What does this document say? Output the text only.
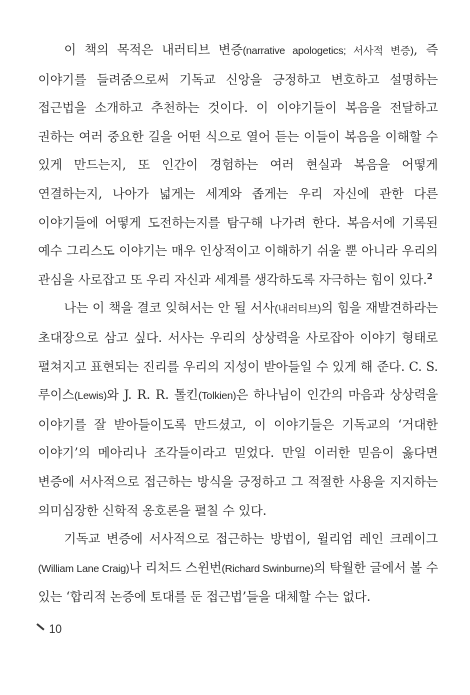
이 책의 목적은 내러티브 변증(narrative apologetics; 서사적 변증), 즉 이야기를 들려줌으로써 기독교 신앙을 긍정하고 변호하고 설명하는 접근법을 소개하고 추천하는 것이다. 이 이야기들이 복음을 전달하고 권하는 여러 중요한 길을 어떤 식으로 열어 듣는 이들이 복음을 이해할 수 있게 만드는지, 또 인간이 경험하는 여러 현실과 복음을 어떻게 연결하는지, 나아가 넓게는 세계와 좁게는 우리 자신에 관한 다른 이야기들에 어떻게 도전하는지를 탐구해 나가려 한다. 복음서에 기록된 예수 그리스도 이야기는 매우 인상적이고 이해하기 쉬울 뿐 아니라 우리의 관심을 사로잡고 또 우리 자신과 세계를 생각하도록 자극하는 힘이 있다.$^2$

나는 이 책을 결코 잊혀서는 안 될 서사(내러티브)의 힘을 재발견하라는 초대장으로 삼고 싶다. 서사는 우리의 상상력을 사로잡아 이야기 형태로 펼쳐지고 표현되는 진리를 우리의 지성이 받아들일 수 있게 해 준다. C. S. 루이스(Lewis)와 J. R. R. 톨킨(Tolkien)은 하나님이 인간의 마음과 상상력을 이야기를 잘 받아들이도록 만드셨고, 이 이야기들은 기독교의 ‘거대한 이야기’의 메아리나 조각들이라고 믿었다. 만일 이러한 믿음이 옳다면 변증에 서사적으로 접근하는 방식을 긍정하고 그 적절한 사용을 지지하는 의미심장한 신학적 옹호론을 펼칠 수 있다.

기독교 변증에 서사적으로 접근하는 방법이, 윌리엄 레인 크레이그(William Lane Craig)나 리처드 스윈번(Richard Swinburne)의 탁월한 글에서 볼 수 있는 ‘합리적 논증에 토대를 둔 접근법’들을 대체할 수는 없다.

10
